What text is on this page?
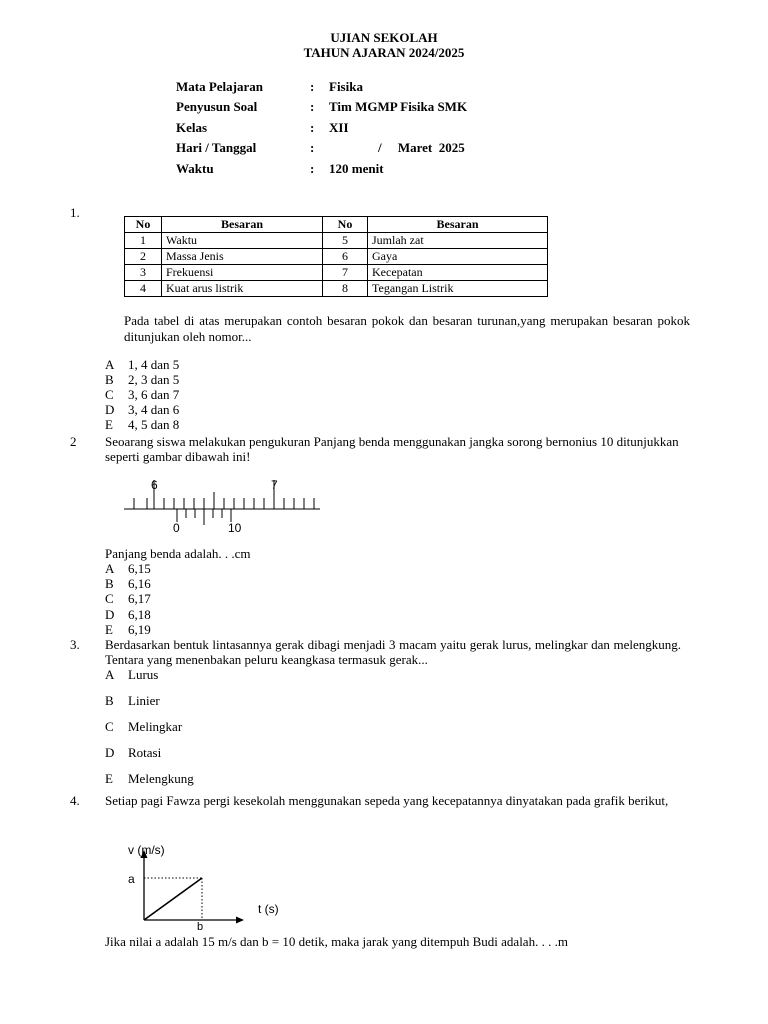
UJIAN SEKOLAH
TAHUN AJARAN 2024/2025
Mata Pelajaran	: Fisika
Penyusun Soal	: Tim MGMP Fisika SMK
Kelas	: XII
Hari / Tanggal	:	/     Maret  2025
Waktu	: 120 menit
1.
No	Besaran	No	Besaran
1	Waktu	5	Jumlah zat
2	Massa Jenis	6	Gaya
3	Frekuensi	7	Kecepatan
4	Kuat arus listrik	8	Tegangan Listrik
Pada tabel di atas merupakan contoh besaran pokok dan besaran turunan,yang merupakan besaran pokok ditunjukan oleh nomor...
A 1, 4 dan 5
B 2, 3 dan 5
C 3, 6 dan 7
D 3, 4 dan 6
E 4, 5 dan 8
2 Seoarang siswa melakukan pengukuran Panjang benda menggunakan jangka sorong bernonius 10 ditunjukkan seperti gambar dibawah ini!
6	7
0	10
Panjang benda adalah. . .cm
A 6,15
B 6,16
C 6,17
D 6,18
E 6,19
3. Berdasarkan bentuk lintasannya gerak dibagi menjadi 3 macam yaitu gerak lurus, melingkar dan melengkung. Tentara yang menenbakan peluru keangkasa termasuk gerak...
A Lurus
B Linier
C Melingkar
D Rotasi
E Melengkung
4. Setiap pagi Fawza pergi kesekolah menggunakan sepeda yang kecepatannya dinyatakan pada grafik berikut,
v (m/s)
a
b
t (s)
Jika nilai a adalah 15 m/s dan b = 10 detik, maka jarak yang ditempuh Budi adalah. . . .m
